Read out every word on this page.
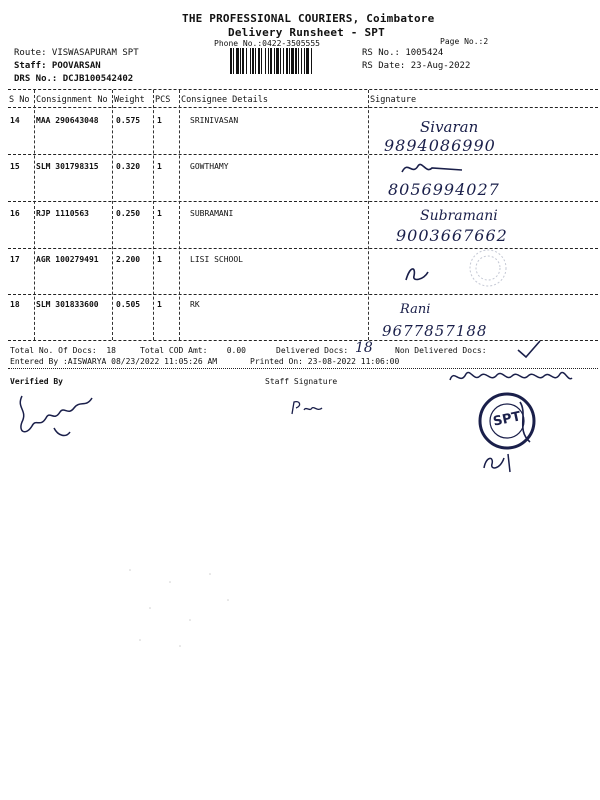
THE PROFESSIONAL COURIERS, Coimbatore
Delivery Runsheet - SPT
Phone No.:0422-3505555	Page No.:2
Route: VISWASAPURAM SPT
Staff: POOVARSAN
DRS No.: DCJB100542402
RS No.: 1005424
RS Date: 23-Aug-2022
S No Consignment No Weight PCS Consignee Details	Signature
14 MAA 290643048 0.575 1	SRINIVASAN	Sivaran
9894086990
15 SLM 301798315 0.320 1	GOWTHAMY
8056994027
16 RJP 1110563	0.250 1	SUBRAMANI	Subramani
9003667662
17 AGR 100279491 2.200 1	LISI SCHOOL
18 SLM 301833600 0.505 1	RK	Rani
9677857188
Total No. Of Docs:  18	Total COD Amt:    0.00	Delivered Docs: 18	Non Delivered Docs:
Entered By :AISWARYA 08/23/2022 11:05:26 AM	Printed On: 23-08-2022 11:06:00
Verified By	Staff Signature
SPT
